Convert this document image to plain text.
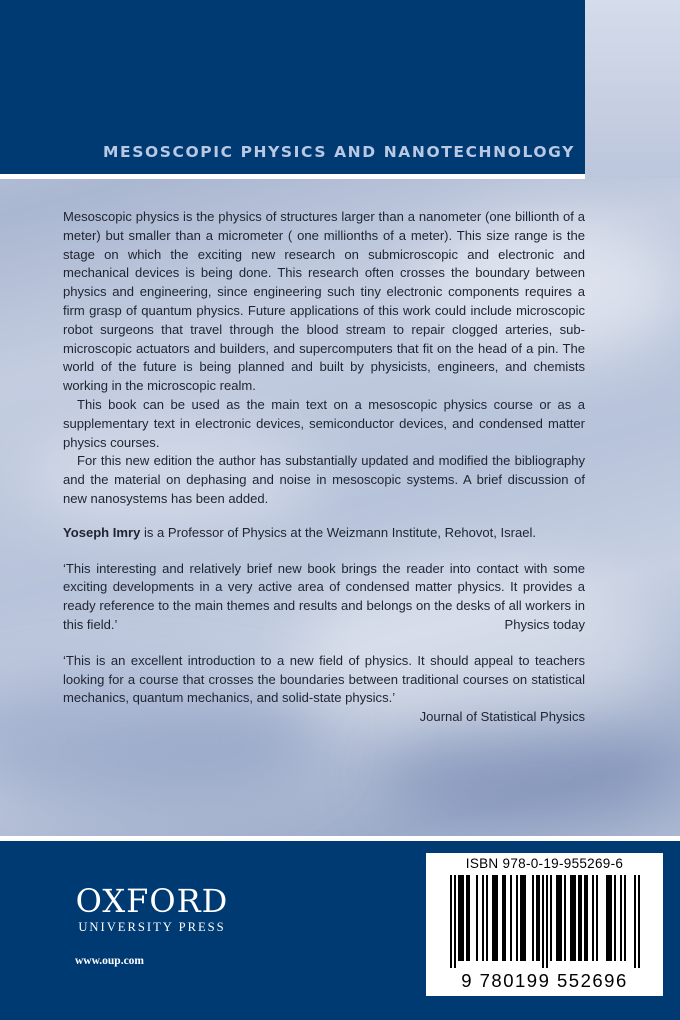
MESOSCOPIC PHYSICS AND NANOTECHNOLOGY

Mesoscopic physics is the physics of structures larger than a nanometer (one billionth of a meter) but smaller than a micrometer ( one millionths of a meter). This size range is the stage on which the exciting new research on submicroscopic and electronic and mechanical devices is being done. This research often crosses the boundary between physics and engineering, since engineering such tiny electronic components requires a firm grasp of quantum physics. Future applications of this work could include microscopic robot surgeons that travel through the blood stream to repair clogged arteries, sub-microscopic actuators and builders, and supercomputers that fit on the head of a pin. The world of the future is being planned and built by physicists, engineers, and chemists working in the microscopic realm.

This book can be used as the main text on a mesoscopic physics course or as a supplementary text in electronic devices, semiconductor devices, and condensed matter physics courses.

For this new edition the author has substantially updated and modified the bibliography and the material on dephasing and noise in mesoscopic systems. A brief discussion of new nanosystems has been added.

Yoseph Imry is a Professor of Physics at the Weizmann Institute, Rehovot, Israel.

‘This interesting and relatively brief new book brings the reader into contact with some exciting developments in a very active area of condensed matter physics. It provides a ready reference to the main themes and results and belongs on the desks of all workers in this field.’	Physics today

‘This is an excellent introduction to a new field of physics. It should appeal to teachers looking for a course that crosses the boundaries between traditional courses on statistical mechanics, quantum mechanics, and solid-state physics.’

Journal of Statistical Physics
OXFORD
UNIVERSITY PRESS
www.oup.com
ISBN 978-0-19-955269-6
9 780199 552696
